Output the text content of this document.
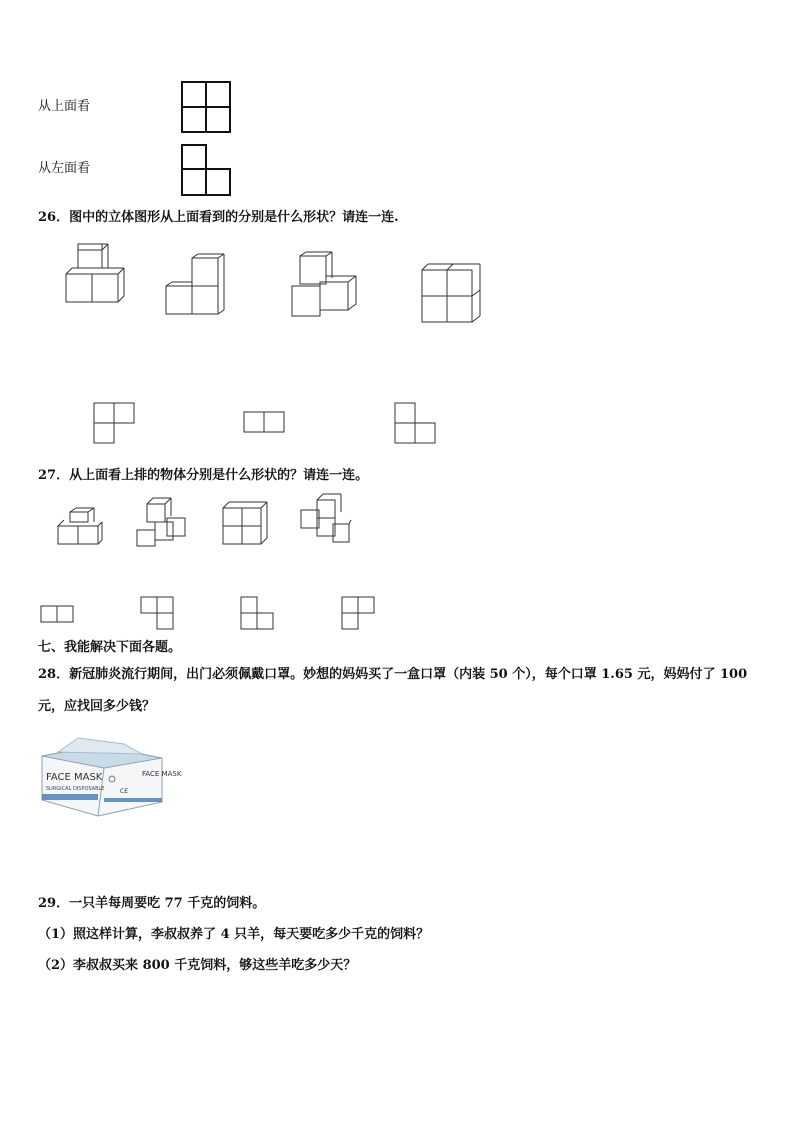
从上面看
从左面看
26．图中的立体图形从上面看到的分别是什么形状？请连一连.
27．从上面看上排的物体分别是什么形状的？请连一连。
七、我能解决下面各题。
28．新冠肺炎流行期间，出门必须佩戴口罩。妙想的妈妈买了一盒口罩（内装 50 个），每个口罩 1.65 元，妈妈付了 100
元，应找回多少钱？
FACE MASK	FACE MASK
SURGICAL DISPOSABLE	CE
29．一只羊每周要吃 77 千克的饲料。
（1）照这样计算，李叔叔养了 4 只羊，每天要吃多少千克的饲料？
（2）李叔叔买来 800 千克饲料，够这些羊吃多少天？
